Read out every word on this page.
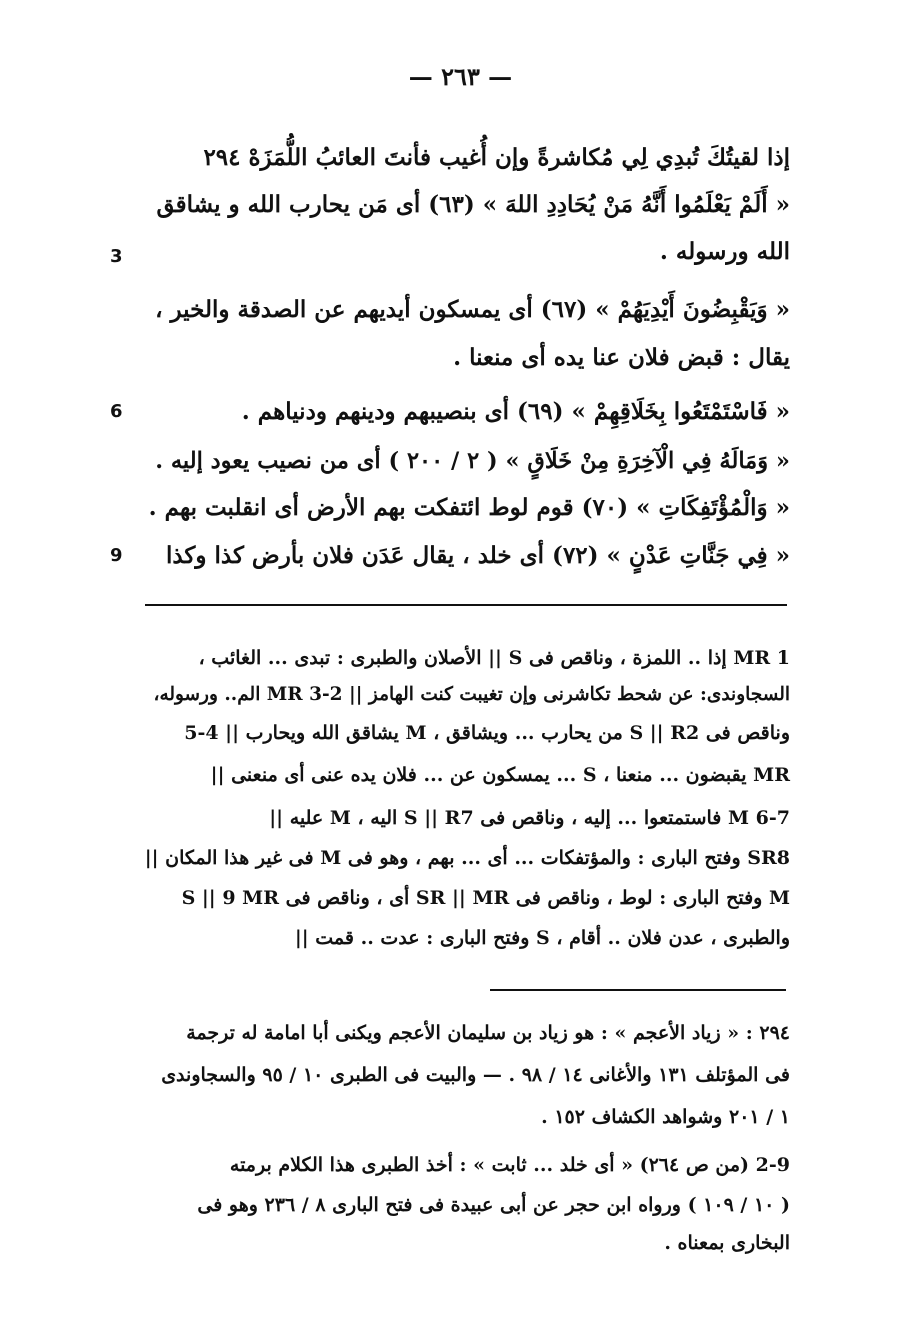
— ٢٦٣ —
إذا لقيتُكَ تُبدِي لِي مُكاشرةً وإن أُغيب فأنتَ العائبُ اللُّمَزَهْ ٢٩٤
« أَلَمْ يَعْلَمُوا أَنَّهُ مَنْ يُحَادِدِ اللهَ » (٦٣) أى مَن يحارب الله و يشاقق
الله ورسوله .
3
« وَيَقْبِضُونَ أَيْدِيَهُمْ » (٦٧) أى يمسكون أيديهم عن الصدقة والخير ،
يقال : قبض فلان عنا يده أى منعنا .
« فَاسْتَمْتَعُوا بِخَلَاقِهِمْ » (٦٩) أى بنصيبهم ودينهم ودنياهم .
6
« وَمَالَهُ فِي الْآخِرَةِ مِنْ خَلَاقٍ » ( ٢ / ٢٠٠ ) أى من نصيب يعود إليه .
« وَالْمُؤْتَفِكَاتِ » (٧٠) قوم لوط ائتفكت بهم الأرض أى انقلبت بهم .
« فِي جَنَّاتِ عَدْنٍ » (٧٢) أى خلد ، يقال عَدَن فلان بأرض كذا وكذا
9
MR 1 إذا .. اللمزة ، وناقص فى S || الأصلان والطبرى : تبدى ... الغائب ،
السجاوندى: عن شحط تكاشرنى وإن تغيبت كنت الهامز || 2-3 MR الم.. ورسوله،
وناقص فى S || R2 من يحارب ... ويشاقق ، M يشاقق الله ويحارب || 4-5
MR يقبضون ... منعنا ، S ... يمسكون عن ... فلان يده عنى أى منعنى ||
6-7 M فاستمتعوا ... إليه ، وناقص فى S || R7 اليه ، M عليه ||
SR8 وفتح البارى : والمؤتفكات ... أى ... بهم ، وهو فى M فى غير هذا المكان ||
M وفتح البارى : لوط ، وناقص فى SR || MR أى ، وناقص فى S || 9 MR
والطبرى ، عدن فلان .. أقام ، S وفتح البارى : عدت .. قمت ||
٢٩٤ : « زياد الأعجم » : هو زياد بن سليمان الأعجم ويكنى أبا امامة له ترجمة
فى المؤتلف ١٣١ والأغانى ١٤ / ٩٨ . — والبيت فى الطبرى ١٠ / ٩٥ والسجاوندى
١ / ٢٠١ وشواهد الكشاف ١٥٢ .
2-9 (من ص ٢٦٤) « أى خلد ... ثابت » : أخذ الطبرى هذا الكلام برمته
( ١٠ / ١٠٩ ) ورواه ابن حجر عن أبى عبيدة فى فتح البارى ٨ / ٢٣٦ وهو فى
البخارى بمعناه .
